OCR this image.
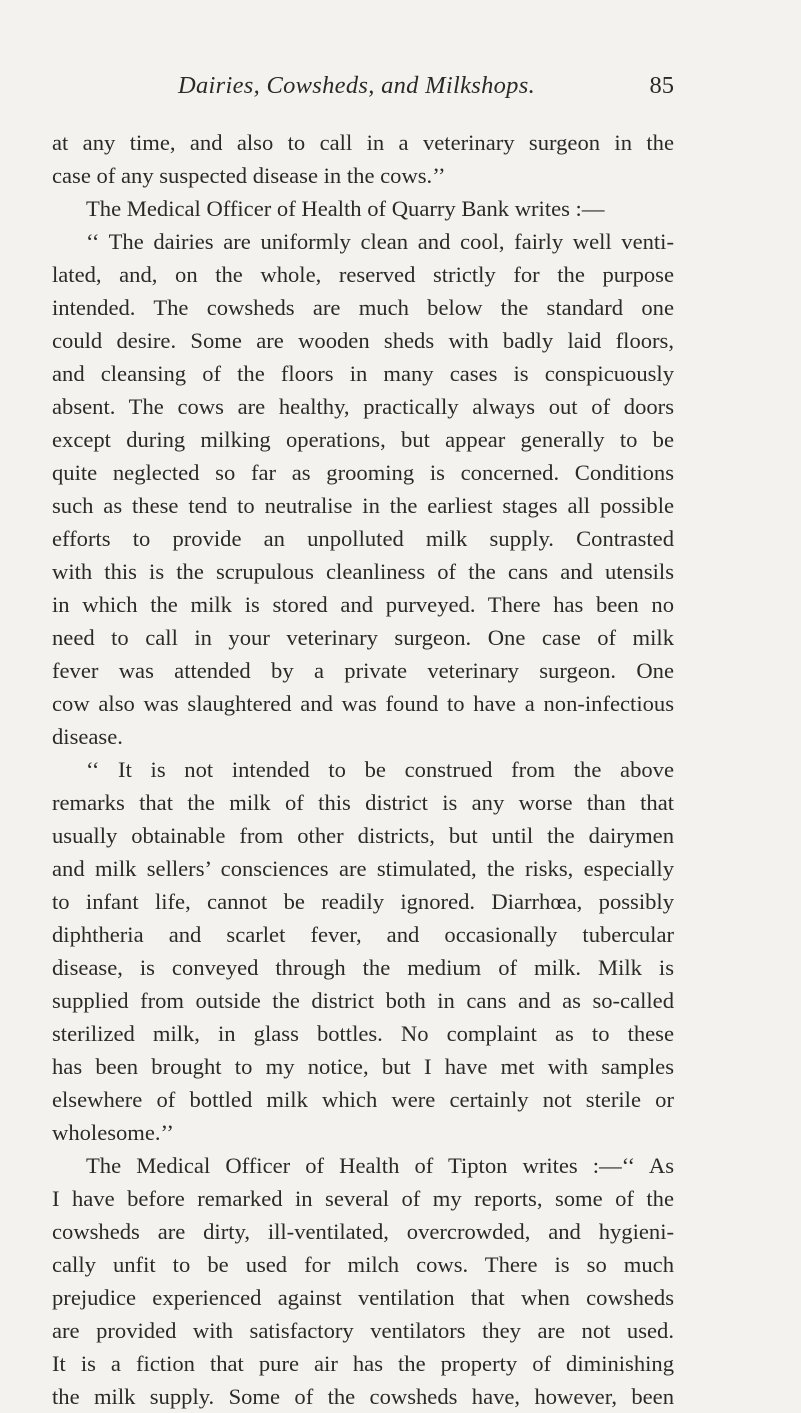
Dairies, Cowsheds, and Milkshops.	85
at any time, and also to call in a veterinary surgeon in the
case of any suspected disease in the cows.’’
The Medical Officer of Health of Quarry Bank writes :—
‘‘ The dairies are uniformly clean and cool, fairly well venti-
lated, and, on the whole, reserved strictly for the purpose
intended. The cowsheds are much below the standard one
could desire. Some are wooden sheds with badly laid floors,
and cleansing of the floors in many cases is conspicuously
absent. The cows are healthy, practically always out of doors
except during milking operations, but appear generally to be
quite neglected so far as grooming is concerned. Conditions
such as these tend to neutralise in the earliest stages all possible
efforts to provide an unpolluted milk supply. Contrasted
with this is the scrupulous cleanliness of the cans and utensils
in which the milk is stored and purveyed. There has been no
need to call in your veterinary surgeon. One case of milk
fever was attended by a private veterinary surgeon. One
cow also was slaughtered and was found to have a non-infectious
disease.
‘‘ It is not intended to be construed from the above
remarks that the milk of this district is any worse than that
usually obtainable from other districts, but until the dairymen
and milk sellers’ consciences are stimulated, the risks, especially
to infant life, cannot be readily ignored. Diarrhœa, possibly
diphtheria and scarlet fever, and occasionally tubercular
disease, is conveyed through the medium of milk. Milk is
supplied from outside the district both in cans and as so-called
sterilized milk, in glass bottles. No complaint as to these
has been brought to my notice, but I have met with samples
elsewhere of bottled milk which were certainly not sterile or
wholesome.’’
The Medical Officer of Health of Tipton writes :—‘‘ As
I have before remarked in several of my reports, some of the
cowsheds are dirty, ill-ventilated, overcrowded, and hygieni-
cally unfit to be used for milch cows. There is so much
prejudice experienced against ventilation that when cowsheds
are provided with satisfactory ventilators they are not used.
It is a fiction that pure air has the property of diminishing
the milk supply. Some of the cowsheds have, however, been
